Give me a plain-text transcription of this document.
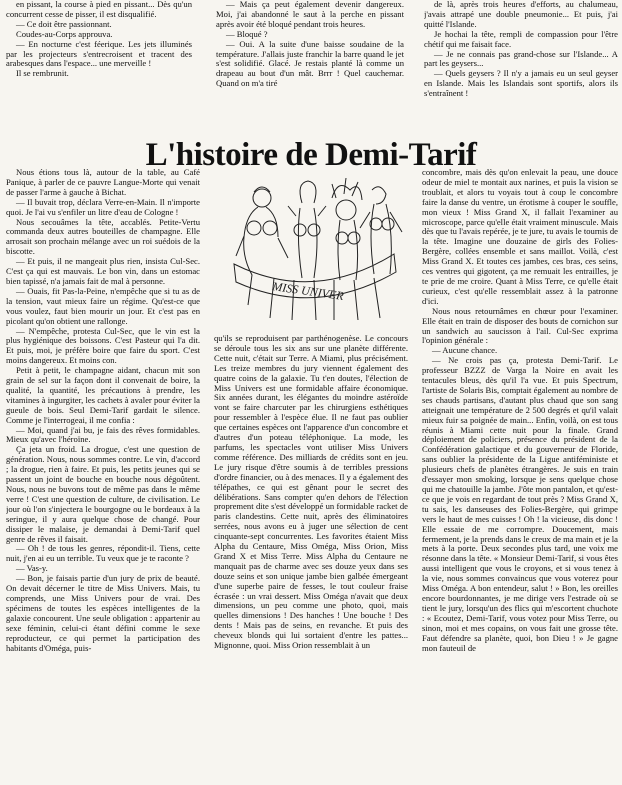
en pissant, la course à pied en pissant... Dès qu'un concurrent cesse de pisser, il est disqualifié.

— Ce doit être passionnant.

Coudes-au-Corps approuva.

— En nocturne c'est féerique. Les jets illuminés par les projecteurs s'entrecroisent et tracent des arabesques dans l'espace... une merveille !

Il se rembrunit.

— Mais ça peut également devenir dangereux. Moi, j'ai abandonné le saut à la perche en pissant après avoir été bloqué pendant trois heures.

— Bloqué ?

— Oui. A la suite d'une baisse soudaine de la température. J'allais juste franchir la barre quand le jet s'est solidifié. Glacé. Je restais planté là comme un drapeau au bout d'un mât. Brrr ! Quel cauchemar. Quand on m'a tiré

de là, après trois heures d'efforts, au chalumeau, j'avais attrapé une double pneumonie... Et puis, j'ai quitté l'Islande.

Je hochai la tête, rempli de compassion pour l'être chétif qui me faisait face.

— Je ne connais pas grand-chose sur l'Islande... A part les geysers...

— Quels geysers ? Il n'y a jamais eu un seul geyser en Islande. Mais les Islandais sont sportifs, alors ils s'entraînent !

L'histoire de Demi-Tarif

Nous étions tous là, autour de la table, au Café Panique, à parler de ce pauvre Langue-Morte qui venait de passer l'arme à gauche à Bichat.

— Il buvait trop, déclara Verre-en-Main. Il n'importe quoi. Je l'ai vu s'enfiler un litre d'eau de Cologne !

Nous secouâmes la tête, accablés. Petite-Vertu commanda deux autres bouteilles de champagne. Elle arrosait son prochain mélange avec un roi suédois de la biscotte.

— Et puis, il ne mangeait plus rien, insista Cul-Sec. C'est ça qui est mauvais. Le bon vin, dans un estomac bien tapissé, n'a jamais fait de mal à personne.

— Ouais, fit Pas-la-Peine, n'empêche que si tu as de la tension, vaut mieux faire un régime. Qu'est-ce que vous voulez, faut bien mourir un jour. Et c'est pas en picolant qu'on obtient une rallonge.

— N'empêche, protesta Cul-Sec, que le vin est la plus hygiénique des boissons. C'est Pasteur qui l'a dit. Et puis, moi, je préfère boire que faire du sport. C'est moins dangereux. Et moins con.

Petit à petit, le champagne aidant, chacun mit son grain de sel sur la façon dont il convenait de boire, la qualité, la quantité, les précautions à prendre, les vitamines à ingurgiter, les cachets à avaler pour éviter la gueule de bois. Seul Demi-Tarif gardait le silence. Comme je l'interrogeai, il me confia :

— Moi, quand j'ai bu, je fais des rêves formidables. Mieux qu'avec l'héroïne.

Ça jeta un froid. La drogue, c'est une question de génération. Nous, nous sommes contre. Le vin, d'accord ; la drogue, rien à faire. Et puis, les petits jeunes qui se passent un joint de bouche en bouche nous dégoûtent. Nous, nous ne buvons tout de même pas dans le même verre ! C'est une question de culture, de civilisation. Le jour où l'on s'injectera le bourgogne ou le bordeaux à la seringue, il y aura quelque chose de changé. Pour dissiper le malaise, je demandai à Demi-Tarif quel genre de rêves il faisait.

— Oh ! de tous les genres, répondit-il. Tiens, cette nuit, j'en ai eu un terrible. Tu veux que je te raconte ?

— Vas-y.

— Bon, je faisais partie d'un jury de prix de beauté. On devait décerner le titre de Miss Univers. Mais, tu comprends, une Miss Univers pour de vrai. Des spécimens de toutes les espèces intelligentes de la galaxie concourent. Une seule obligation : appartenir au sexe féminin, celui-ci étant défini comme le sexe reproducteur, ce qui permet la participation des habitants d'Oméga, puis-

MISS UNIVER

qu'ils se reproduisent par parthénogenèse. Le concours se déroule tous les six ans sur une planète différente. Cette nuit, c'était sur Terre. A Miami, plus précisément. Les treize membres du jury viennent également des quatre coins de la galaxie. Tu t'en doutes, l'élection de Miss Univers est une formidable affaire économique. Six années durant, les élégantes du moindre astéroïde vont se faire charcuter par les chirurgiens esthétiques pour ressembler à l'espèce élue. Il ne faut pas oublier que certaines espèces ont l'apparence d'un concombre et d'autres d'un poteau téléphonique. La mode, les parfums, les spectacles vont utiliser Miss Univers comme référence. Des milliards de crédits sont en jeu. Le jury risque d'être soumis à de terribles pressions d'ordre financier, ou à des menaces. Il y a également des télépathes, ce qui est gênant pour le secret des délibérations. Sans compter qu'en dehors de l'élection proprement dite s'est développé un formidable racket de paris clandestins. Cette nuit, après des éliminatoires serrées, nous avons eu à juger une sélection de cent cinquante-sept concurrentes. Les favorites étaient Miss Alpha du Centaure, Miss Oméga, Miss Orion, Miss Grand X et Miss Terre. Miss Alpha du Centaure ne manquait pas de charme avec ses douze yeux dans ses douze seins et son unique jambe bien galbée émergeant d'une superbe paire de fesses, le tout couleur fraise écrasée : un vrai dessert. Miss Oméga n'avait que deux dimensions, un peu comme une photo, quoi, mais quelles dimensions ! Des hanches ! Une bouche ! Des dents ! Mais pas de seins, en revanche. Et puis des cheveux blonds qui lui sortaient d'entre les pattes... Mignonne, quoi. Miss Orion ressemblait à un

concombre, mais dès qu'on enlevait la peau, une douce odeur de miel te montait aux narines, et puis la vision se troublait, et alors tu voyais tout à coup le concombre faire la danse du ventre, un érotisme à couper le souffle, mon vieux ! Miss Grand X, il fallait l'examiner au microscope, parce qu'elle était vraiment minuscule. Mais dès que tu l'avais repérée, je te jure, tu avais le tournis de la tête. Imagine une douzaine de girls des Folies-Bergère, collées ensemble et sans maillot. Voilà, c'est Miss Grand X. Et toutes ces jambes, ces bras, ces seins, ces ventres qui gigotent, ça me remuait les entrailles, je te prie de me croire. Quant à Miss Terre, ce qu'elle était curieux, c'est qu'elle ressemblait assez à la patronne d'ici.

Nous nous retournâmes en chœur pour l'examiner. Elle était en train de disposer des bouts de cornichon sur un sandwich au saucisson à l'ail. Cul-Sec exprima l'opinion générale :

— Aucune chance.

— Ne crois pas ça, protesta Demi-Tarif. Le professeur BZZZ de Varga la Noire en avait les tentacules bleus, dès qu'il l'a vue. Et puis Spectrum, l'artiste de Solaris Bis, comptait également au nombre de ses chauds partisans, d'autant plus chaud que son sang atteignait une température de 2 500 degrés et qu'il valait mieux fuir sa poignée de main... Enfin, voilà, on est tous réunis à Miami cette nuit pour la finale. Grand déploiement de policiers, présence du président de la Confédération galactique et du gouverneur de Floride, sans oublier la présidente de la Ligue antiféministe et plusieurs chefs de planètes étrangères. Je suis en train d'essayer mon smoking, lorsque je sens quelque chose qui me chatouille la jambe. J'ôte mon pantalon, et qu'est-ce que je vois en regardant de tout près ? Miss Grand X, tu sais, les danseuses des Folies-Bergère, qui grimpe vers le haut de mes cuisses ! Oh ! la vicieuse, dis donc ! Elle essaie de me corrompre. Doucement, mais fermement, je la prends dans le creux de ma main et je la mets à la porte. Deux secondes plus tard, une voix me résonne dans la tête. « Monsieur Demi-Tarif, si vous êtes aussi intelligent que vous le croyons, et si vous tenez à la vie, nous sommes convaincus que vous voterez pour Miss Oméga. A bon entendeur, salut ! » Bon, les oreilles encore bourdonnantes, je me dirige vers l'estrade où se tient le jury, lorsqu'un des flics qui m'escortent chuchote : « Ecoutez, Demi-Tarif, vous votez pour Miss Terre, ou sinon, moi et mes copains, on vous fait une grosse tête. Faut défendre sa planète, quoi, bon Dieu ! » Je gagne mon fauteuil de
